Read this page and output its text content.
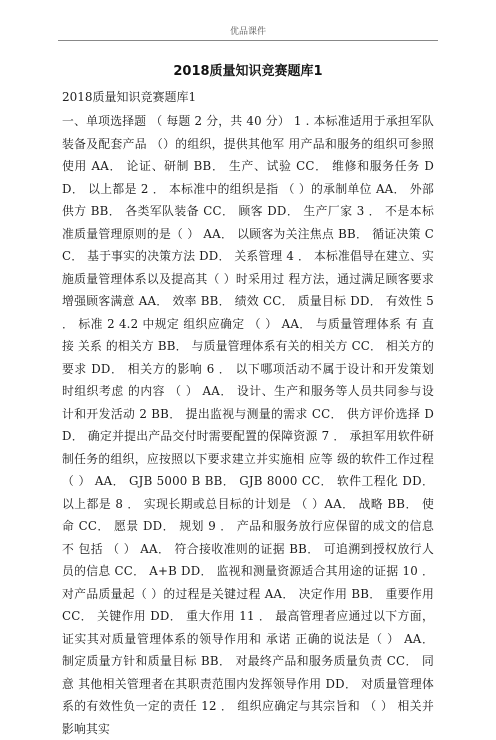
优品课件
2018质量知识竞赛题库1
2018质量知识竞赛题库1
一、单项选择题 （ 每题 2 分，共 40 分） 1 . 本标准适用于承担军队装备及配套产品 （）的组织，提供其他军 用产品和服务的组织可参照使用 AA． 论证、研制 BB． 生产、试验 CC． 维修和服务任务 DD． 以上都是 2 ． 本标准中的组织是指 （ ）的承制单位 AA． 外部供方 BB． 各类军队装备 CC． 顾客 DD． 生产厂家 3 ． 不是本标准质量管理原则的是（ ） AA． 以顾客为关注焦点 BB． 循证决策 CC． 基于事实的决策方法 DD． 关系管理 4 ． 本标准倡导在建立、实施质量管理体系以及提高其（ ）时采用过 程方法，通过满足顾客要求增强顾客满意 AA． 效率 BB． 绩效 CC． 质量目标 DD． 有效性 5 ． 标准 2 4.2 中规定 组织应确定 （ ） AA． 与质量管理体系 有 直接 关系 的相关方 BB． 与质量管理体系有关的相关方 CC． 相关方的要求 DD． 相关方的影响 6 ． 以下哪项活动不属于设计和开发策划 时组织考虑 的内容 （ ） AA． 设计、生产和服务等人员共同参与设计和开发活动 2 BB． 提出监视与测量的需求 CC． 供方评价选择 DD． 确定并提出产品交付时需要配置的保障资源 7 ． 承担军用软件研制任务的组织，应按照以下要求建立并实施相 应等 级的软件工作过程 （ ） AA． GJB 5000 B BB． GJB 8000 CC． 软件工程化 DD． 以上都是 8 ． 实现长期或总目标的计划是 （ ）AA． 战略 BB． 使命 CC． 愿景 DD． 规划 9 ． 产品和服务放行应保留的成文的信息 不 包括 （ ） AA． 符合接收准则的证据 BB． 可追溯到授权放行人员的信息 CC． A+B DD． 监视和测量资源适合其用途的证据 10 ． 对产品质量起（ ）的过程是关键过程 AA． 决定作用 BB． 重要作用 CC． 关键作用 DD． 重大作用 11 ． 最高管理者应通过以下方面， 证实其对质量管理体系的领导作用和 承诺 正确的说法是（ ） AA． 制定质量方针和质量目标 BB． 对最终产品和服务质量负责 CC． 同意 其他相关管理者在其职责范围内发挥领导作用 DD． 对质量管理体系的有效性负一定的责任 12 ． 组织应确定与其宗旨和 （ ） 相关并影响其实
